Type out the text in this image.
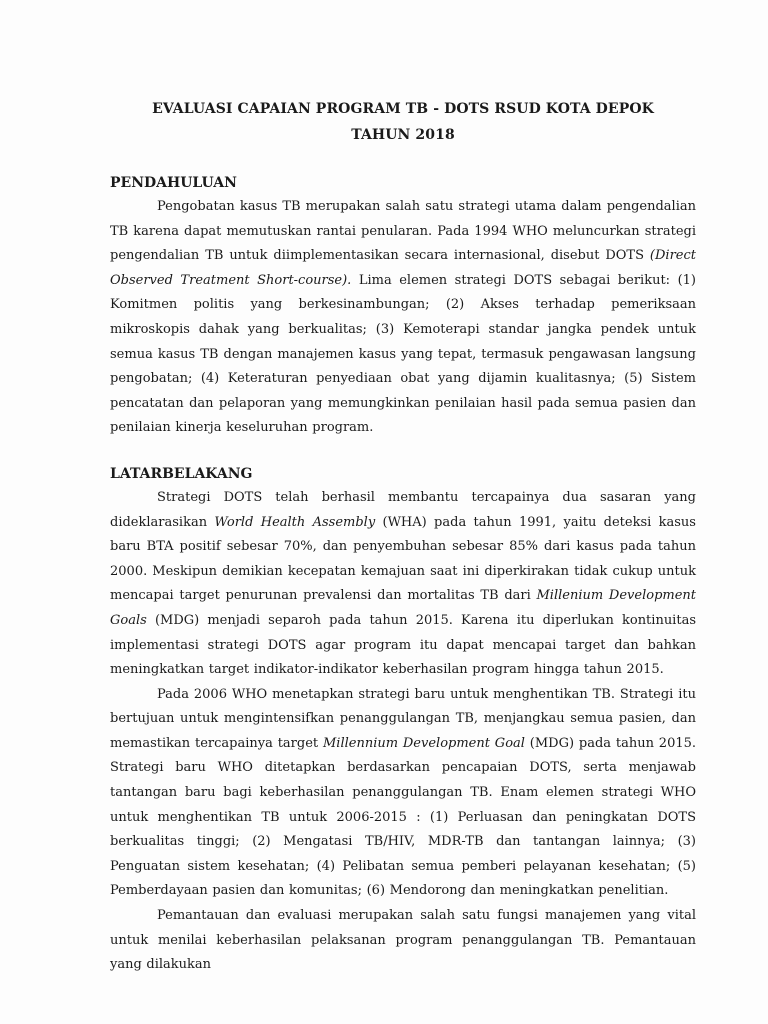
EVALUASI CAPAIAN PROGRAM TB - DOTS RSUD KOTA DEPOK

TAHUN 2018

PENDAHULUAN

Pengobatan kasus TB merupakan salah satu strategi utama dalam pengendalian TB karena dapat memutuskan rantai penularan. Pada 1994 WHO meluncurkan strategi pengendalian TB untuk diimplementasikan secara internasional, disebut DOTS (Direct Observed Treatment Short-course). Lima elemen strategi DOTS sebagai berikut: (1) Komitmen politis yang berkesinambungan; (2) Akses terhadap pemeriksaan mikroskopis dahak yang berkualitas; (3) Kemoterapi standar jangka pendek untuk semua kasus TB dengan manajemen kasus yang tepat, termasuk pengawasan langsung pengobatan; (4) Keteraturan penyediaan obat yang dijamin kualitasnya; (5) Sistem pencatatan dan pelaporan yang memungkinkan penilaian hasil pada semua pasien dan penilaian kinerja keseluruhan program.

LATARBELAKANG

Strategi DOTS telah berhasil membantu tercapainya dua sasaran yang dideklarasikan World Health Assembly (WHA) pada tahun 1991, yaitu deteksi kasus baru BTA positif sebesar 70%, dan penyembuhan sebesar 85% dari kasus pada tahun 2000. Meskipun demikian kecepatan kemajuan saat ini diperkirakan tidak cukup untuk mencapai target penurunan prevalensi dan mortalitas TB dari Millenium Development Goals (MDG) menjadi separoh pada tahun 2015. Karena itu diperlukan kontinuitas implementasi strategi DOTS agar program itu dapat mencapai target dan bahkan meningkatkan target indikator-indikator keberhasilan program hingga tahun 2015.

Pada 2006 WHO menetapkan strategi baru untuk menghentikan TB. Strategi itu bertujuan untuk mengintensifkan penanggulangan TB, menjangkau semua pasien, dan memastikan tercapainya target Millennium Development Goal (MDG) pada tahun 2015. Strategi baru WHO ditetapkan berdasarkan pencapaian DOTS, serta menjawab tantangan baru bagi keberhasilan penanggulangan TB. Enam elemen strategi WHO untuk menghentikan TB untuk 2006-2015 : (1) Perluasan dan peningkatan DOTS berkualitas tinggi; (2) Mengatasi TB/HIV, MDR-TB dan tantangan lainnya; (3) Penguatan sistem kesehatan; (4) Pelibatan semua pemberi pelayanan kesehatan; (5) Pemberdayaan pasien dan komunitas; (6) Mendorong dan meningkatkan penelitian.

Pemantauan dan evaluasi merupakan salah satu fungsi manajemen yang vital untuk menilai keberhasilan pelaksanan program penanggulangan TB. Pemantauan yang dilakukan
